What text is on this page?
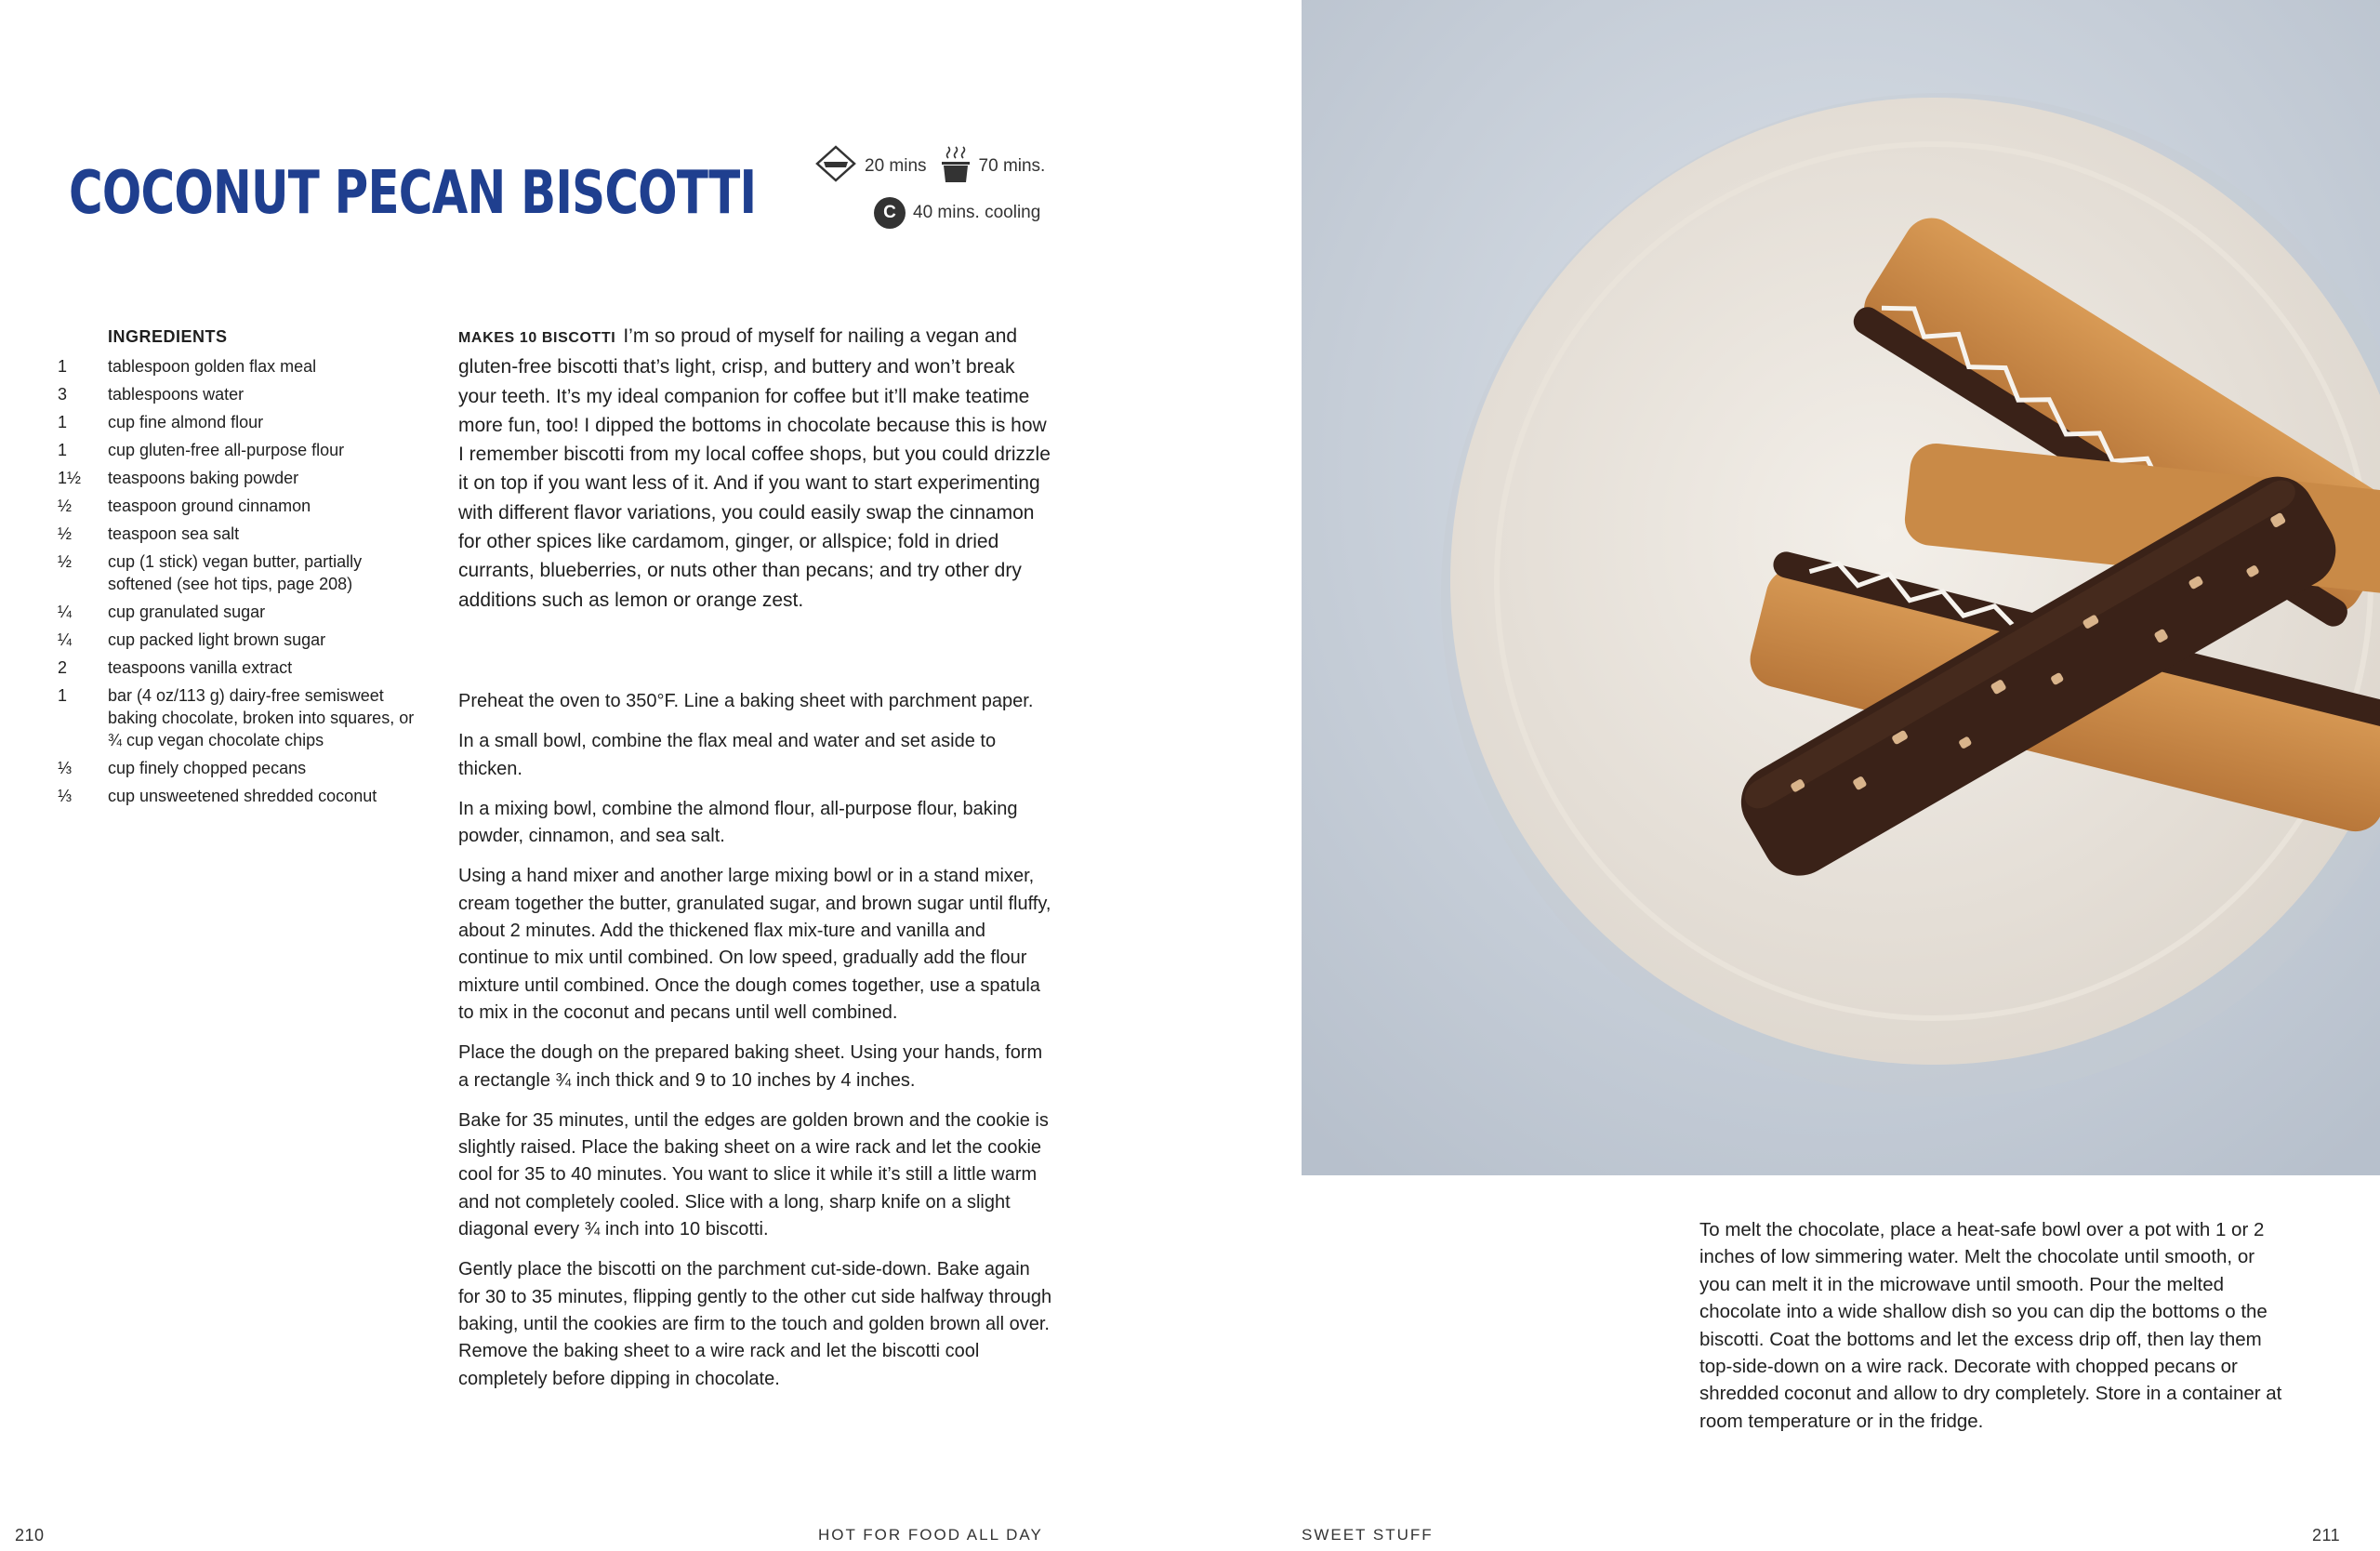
COCONUT PECAN BISCOTTI	20 mins	70 mins.
C 40 mins. cooling
INGREDIENTS
1	tablespoon golden flax meal
3	tablespoons water
1	cup fine almond flour
1	cup gluten-free all-purpose flour
1½	teaspoons baking powder
½	teaspoon ground cinnamon
½	teaspoon sea salt
½	cup (1 stick) vegan butter, partially softened (see hot tips, page 208)
¼	cup granulated sugar
¼	cup packed light brown sugar
2	teaspoons vanilla extract
1	bar (4 oz/113 g) dairy-free semisweet baking chocolate, broken into squares, or ¾ cup vegan chocolate chips
⅓	cup finely chopped pecans
⅓	cup unsweetened shredded coconut

MAKES 10 BISCOTTI I’m so proud of myself for nailing a vegan and gluten-free biscotti that’s light, crisp, and buttery and won’t break your teeth. It’s my ideal companion for coffee but it’ll make teatime more fun, too! I dipped the bottoms in chocolate because this is how I remember biscotti from my local coffee shops, but you could drizzle it on top if you want less of it. And if you want to start experimenting with different flavor variations, you could easily swap the cinnamon for other spices like cardamom, ginger, or allspice; fold in dried currants, blueberries, or nuts other than pecans; and try other dry additions such as lemon or orange zest.

Preheat the oven to 350°F. Line a baking sheet with parchment paper.

In a small bowl, combine the flax meal and water and set aside to thicken.

In a mixing bowl, combine the almond flour, all-purpose flour, baking powder, cinnamon, and sea salt.

Using a hand mixer and another large mixing bowl or in a stand mixer, cream together the butter, granulated sugar, and brown sugar until fluffy, about 2 minutes. Add the thickened flax mix-ture and vanilla and continue to mix until combined. On low speed, gradually add the flour mixture until combined. Once the dough comes together, use a spatula to mix in the coconut and pecans until well combined.

Place the dough on the prepared baking sheet. Using your hands, form a rectangle ¾ inch thick and 9 to 10 inches by 4 inches.

Bake for 35 minutes, until the edges are golden brown and the cookie is slightly raised. Place the baking sheet on a wire rack and let the cookie cool for 35 to 40 minutes. You want to slice it while it’s still a little warm and not completely cooled. Slice with a long, sharp knife on a slight diagonal every ¾ inch into 10 biscotti.

Gently place the biscotti on the parchment cut-side-down. Bake again for 30 to 35 minutes, flipping gently to the other cut side halfway through baking, until the cookies are firm to the touch and golden brown all over. Remove the baking sheet to a wire rack and let the biscotti cool completely before dipping in chocolate.

210	HOT FOR FOOD ALL DAY

To melt the chocolate, place a heat-safe bowl over a pot with 1 or 2 inches of low simmering water. Melt the chocolate until smooth, or you can melt it in the microwave until smooth. Pour the melted chocolate into a wide shallow dish so you can dip the bottoms o the biscotti. Coat the bottoms and let the excess drip off, then lay them top-side-down on a wire rack. Decorate with chopped pecans or shredded coconut and allow to dry completely. Store in a container at room temperature or in the fridge.

SWEET STUFF	211
